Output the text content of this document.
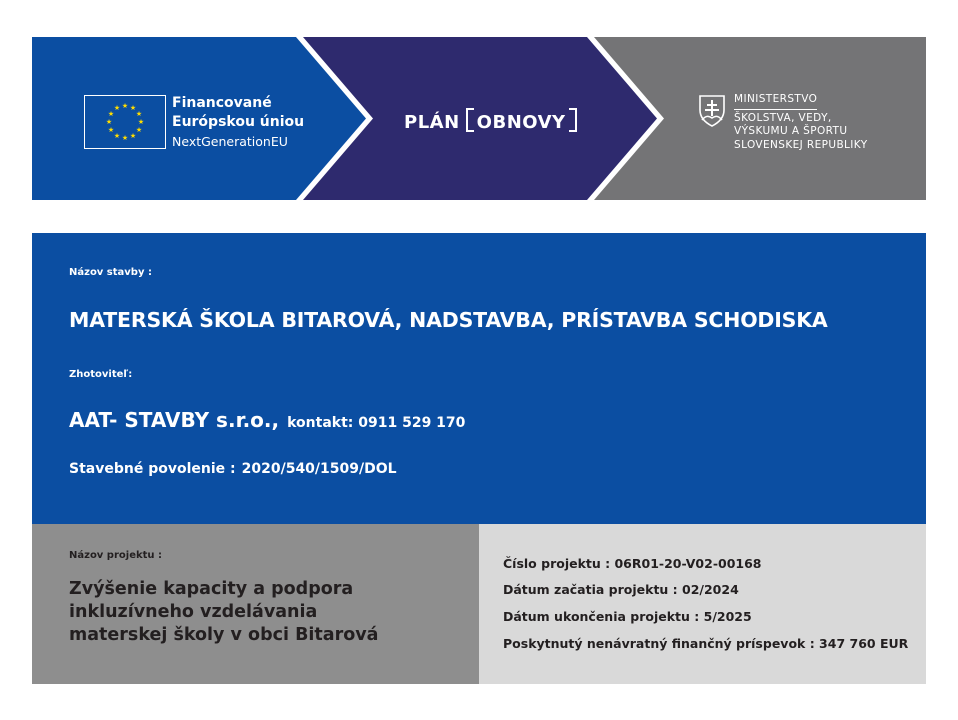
★ ★
★
★
★
★
★
★
★
★
★
★	Financované
Európskou úniou
NextGenerationEU
PLÁN OBNOVY
MINISTERSTVO
ŠKOLSTVA, VEDY,
VÝSKUMU A ŠPORTU
SLOVENSKEJ REPUBLIKY
Názov stavby :
MATERSKÁ ŠKOLA BITAROVÁ, NADSTAVBA, PRÍSTAVBA SCHODISKA
Zhotoviteľ:
AAT- STAVBY s.r.o., kontakt: 0911 529 170
Stavebné povolenie : 2020/540/1509/DOL
Názov projektu :
Zvýšenie kapacity a podpora
inkluzívneho vzdelávania
materskej školy v obci Bitarová
Číslo projektu : 06R01-20-V02-00168
Dátum začatia projektu : 02/2024
Dátum ukončenia projektu : 5/2025
Poskytnutý nenávratný finančný príspevok : 347 760 EUR
